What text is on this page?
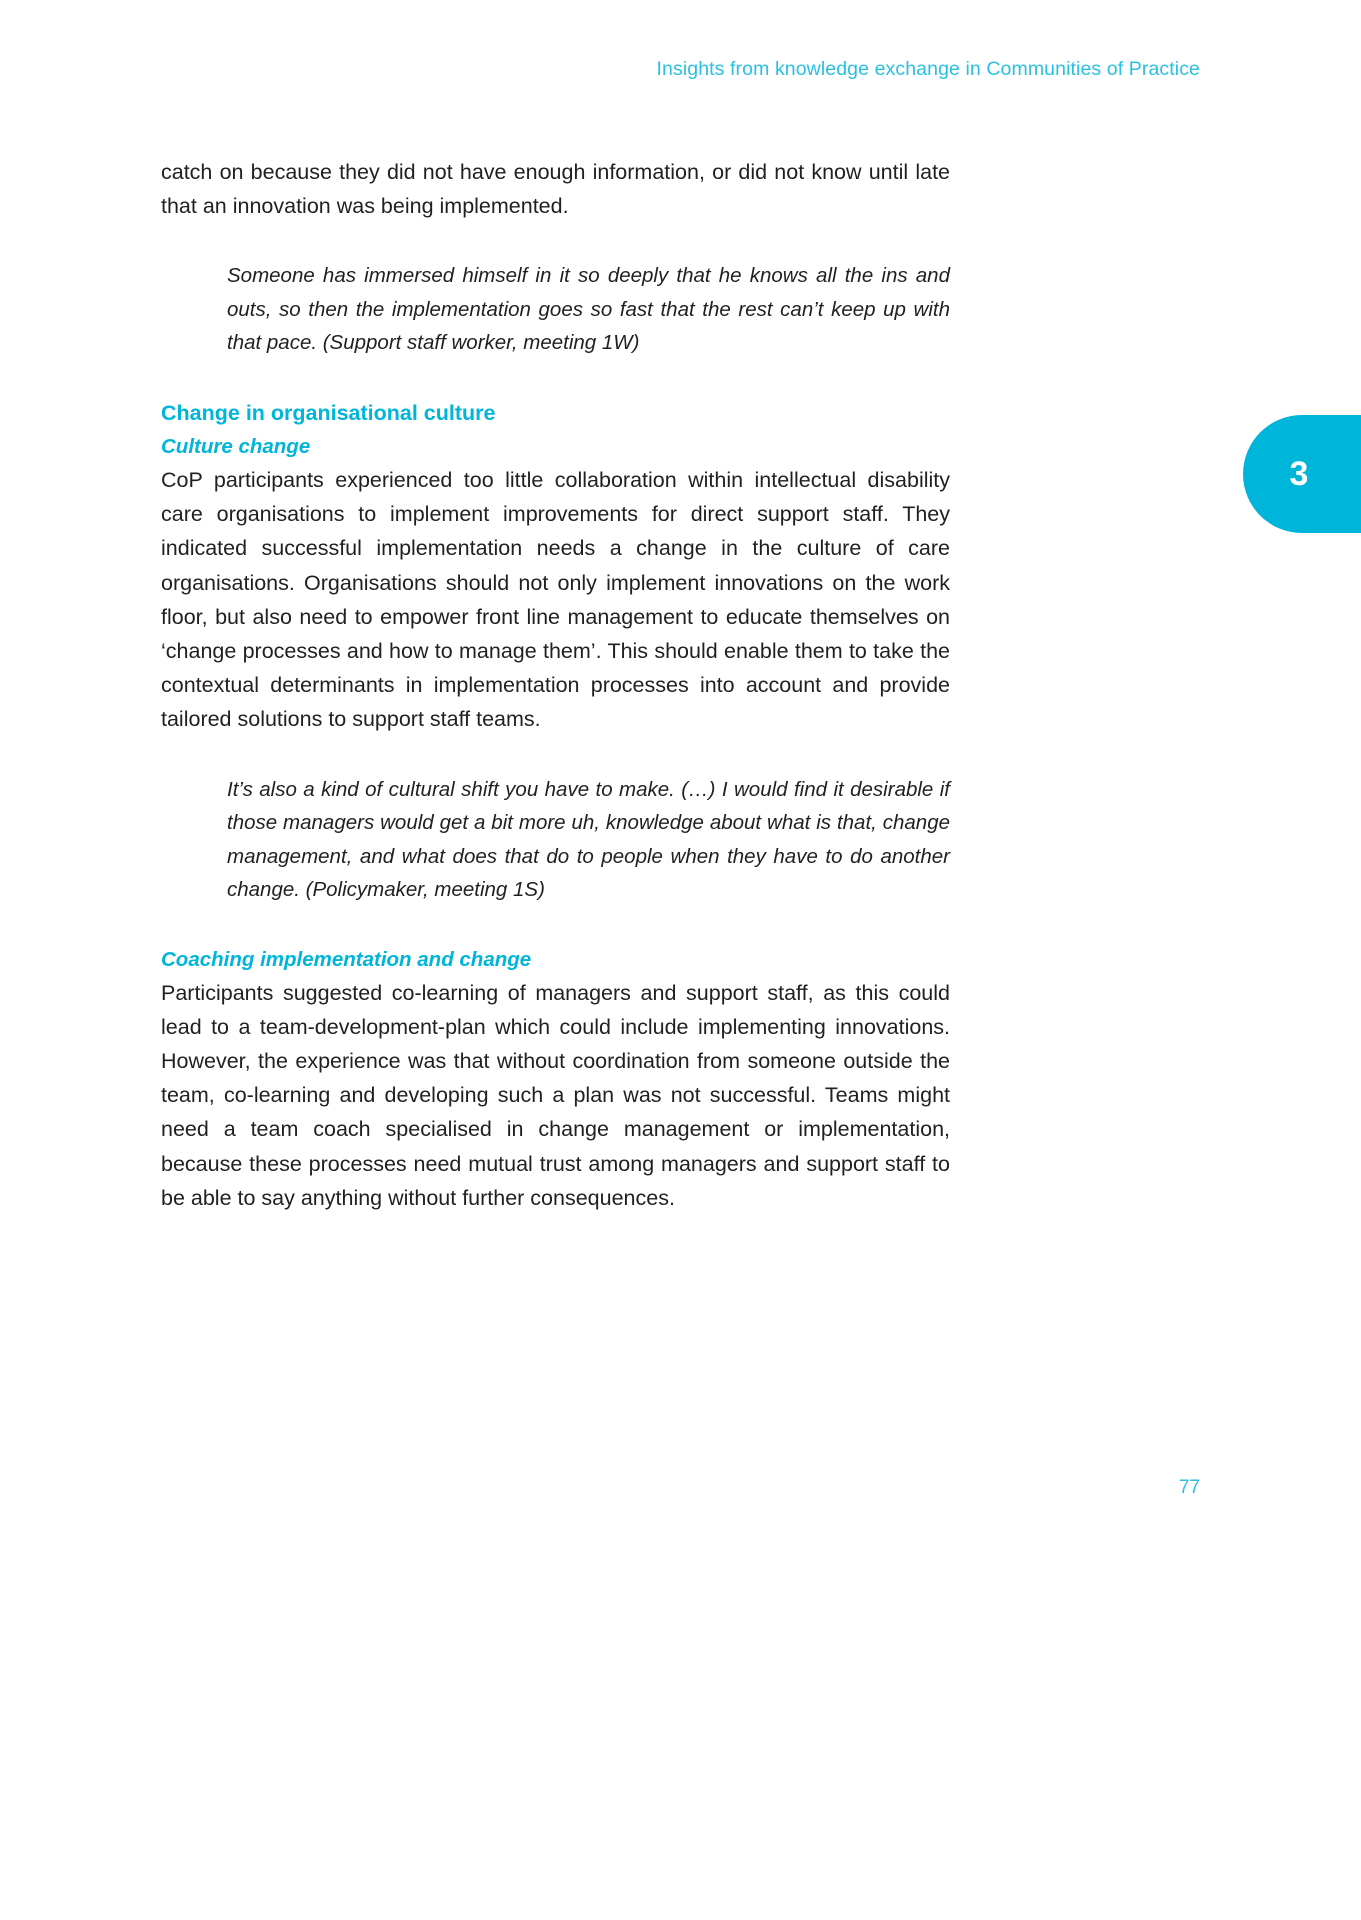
Insights from knowledge exchange in Communities of Practice
3

catch on because they did not have enough information, or did not know until late that an innovation was being implemented.

Someone has immersed himself in it so deeply that he knows all the ins and outs, so then the implementation goes so fast that the rest can’t keep up with that pace. (Support staff worker, meeting 1W)

Change in organisational culture
Culture change

CoP participants experienced too little collaboration within intellectual disability care organisations to implement improvements for direct support staff. They indicated successful implementation needs a change in the culture of care organisations. Organisations should not only implement innovations on the work floor, but also need to empower front line management to educate themselves on ‘change processes and how to manage them’. This should enable them to take the contextual determinants in implementation processes into account and provide tailored solutions to support staff teams.

It’s also a kind of cultural shift you have to make. (…) I would find it desirable if those managers would get a bit more uh, knowledge about what is that, change management, and what does that do to people when they have to do another change. (Policymaker, meeting 1S)

Coaching implementation and change

Participants suggested co-learning of managers and support staff, as this could lead to a team-development-plan which could include implementing innovations. However, the experience was that without coordination from someone outside the team, co-learning and developing such a plan was not successful. Teams might need a team coach specialised in change management or implementation, because these processes need mutual trust among managers and support staff to be able to say anything without further consequences.

77
